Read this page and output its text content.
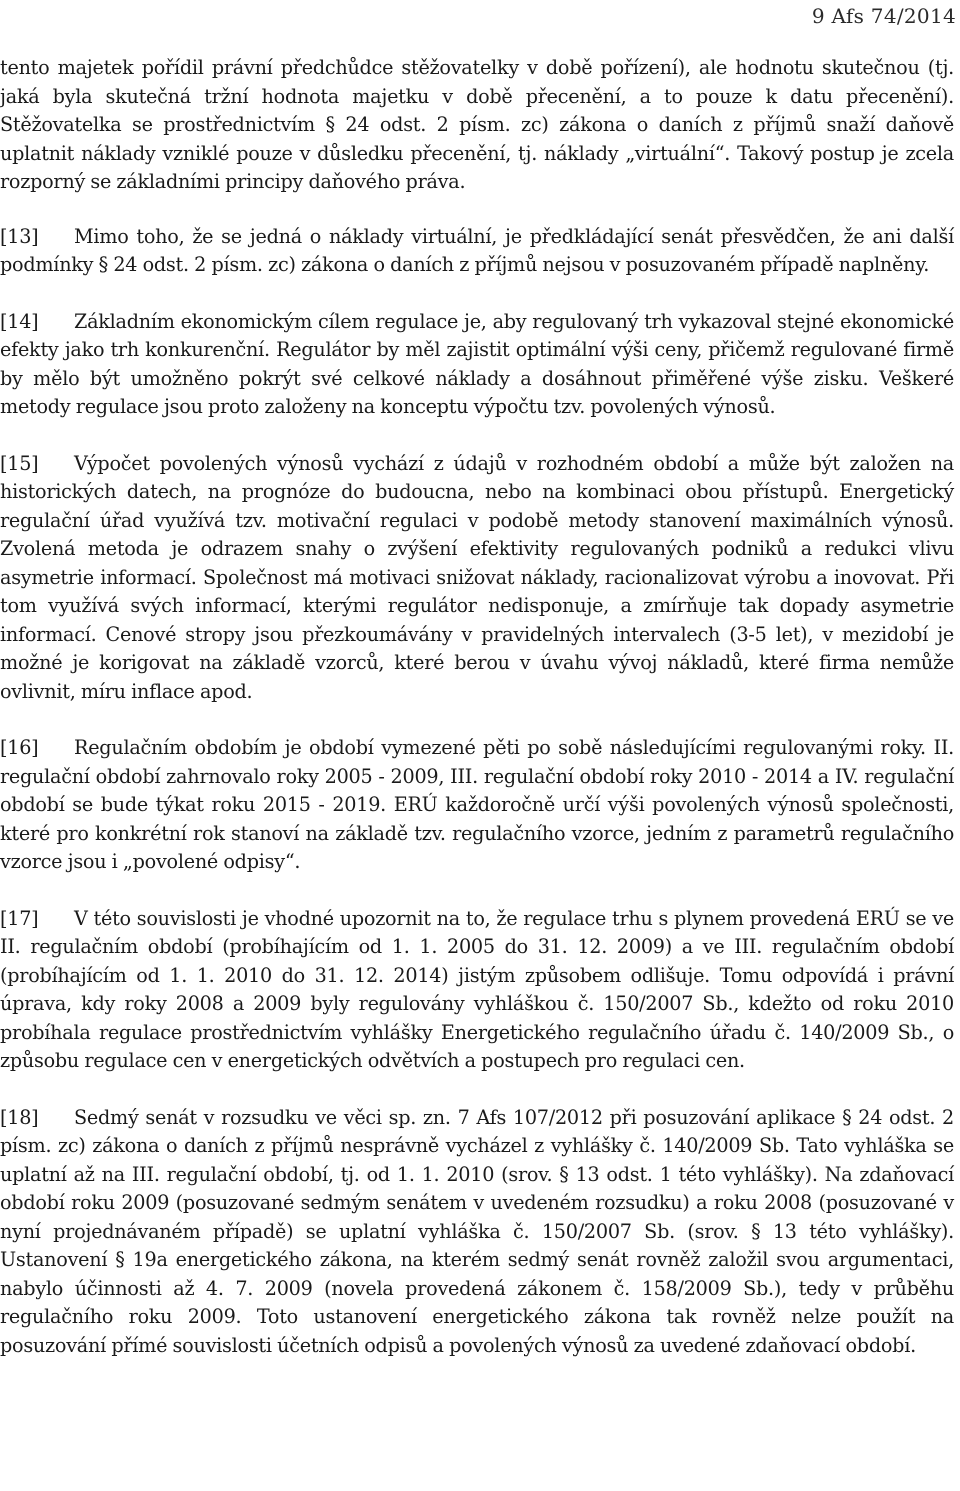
9 Afs 74/2014

tento majetek pořídil právní předchůdce stěžovatelky v době pořízení), ale hodnotu skutečnou (tj. jaká byla skutečná tržní hodnota majetku v době přecenění, a to pouze k datu přecenění). Stěžovatelka se prostřednictvím § 24 odst. 2 písm. zc) zákona o daních z příjmů snaží daňově uplatnit náklady vzniklé pouze v důsledku přecenění, tj. náklady „virtuální“. Takový postup je zcela rozporný se základními principy daňového práva.

[13] Mimo toho, že se jedná o náklady virtuální, je předkládající senát přesvědčen, že ani další podmínky § 24 odst. 2 písm. zc) zákona o daních z příjmů nejsou v posuzovaném případě naplněny.

[14] Základním ekonomickým cílem regulace je, aby regulovaný trh vykazoval stejné ekonomické efekty jako trh konkurenční. Regulátor by měl zajistit optimální výši ceny, přičemž regulované firmě by mělo být umožněno pokrýt své celkové náklady a dosáhnout přiměřené výše zisku. Veškeré metody regulace jsou proto založeny na konceptu výpočtu tzv. povolených výnosů.

[15] Výpočet povolených výnosů vychází z údajů v rozhodném období a může být založen na historických datech, na prognóze do budoucna, nebo na kombinaci obou přístupů. Energetický regulační úřad využívá tzv. motivační regulaci v podobě metody stanovení maximálních výnosů. Zvolená metoda je odrazem snahy o zvýšení efektivity regulovaných podniků a redukci vlivu asymetrie informací. Společnost má motivaci snižovat náklady, racionalizovat výrobu a inovovat. Při tom využívá svých informací, kterými regulátor nedisponuje, a zmírňuje tak dopady asymetrie informací. Cenové stropy jsou přezkoumávány v pravidelných intervalech (3-5 let), v mezidobí je možné je korigovat na základě vzorců, které berou v úvahu vývoj nákladů, které firma nemůže ovlivnit, míru inflace apod.

[16] Regulačním obdobím je období vymezené pěti po sobě následujícími regulovanými roky. II. regulační období zahrnovalo roky 2005 - 2009, III. regulační období roky 2010 - 2014 a IV. regulační období se bude týkat roku 2015 - 2019. ERÚ každoročně určí výši povolených výnosů společnosti, které pro konkrétní rok stanoví na základě tzv. regulačního vzorce, jedním z parametrů regulačního vzorce jsou i „povolené odpisy“.

[17] V této souvislosti je vhodné upozornit na to, že regulace trhu s plynem provedená ERÚ se ve II. regulačním období (probíhajícím od 1. 1. 2005 do 31. 12. 2009) a ve III. regulačním období (probíhajícím od 1. 1. 2010 do 31. 12. 2014) jistým způsobem odlišuje. Tomu odpovídá i právní úprava, kdy roky 2008 a 2009 byly regulovány vyhláškou č. 150/2007 Sb., kdežto od roku 2010 probíhala regulace prostřednictvím vyhlášky Energetického regulačního úřadu č. 140/2009 Sb., o způsobu regulace cen v energetických odvětvích a postupech pro regulaci cen.

[18] Sedmý senát v rozsudku ve věci sp. zn. 7 Afs 107/2012 při posuzování aplikace § 24 odst. 2 písm. zc) zákona o daních z příjmů nesprávně vycházel z vyhlášky č. 140/2009 Sb. Tato vyhláška se uplatní až na III. regulační období, tj. od 1. 1. 2010 (srov. § 13 odst. 1 této vyhlášky). Na zdaňovací období roku 2009 (posuzované sedmým senátem v uvedeném rozsudku) a roku 2008 (posuzované v nyní projednávaném případě) se uplatní vyhláška č. 150/2007 Sb. (srov. § 13 této vyhlášky). Ustanovení § 19a energetického zákona, na kterém sedmý senát rovněž založil svou argumentaci, nabylo účinnosti až 4. 7. 2009 (novela provedená zákonem č. 158/2009 Sb.), tedy v průběhu regulačního roku 2009. Toto ustanovení energetického zákona tak rovněž nelze použít na posuzování přímé souvislosti účetních odpisů a povolených výnosů za uvedené zdaňovací období.
